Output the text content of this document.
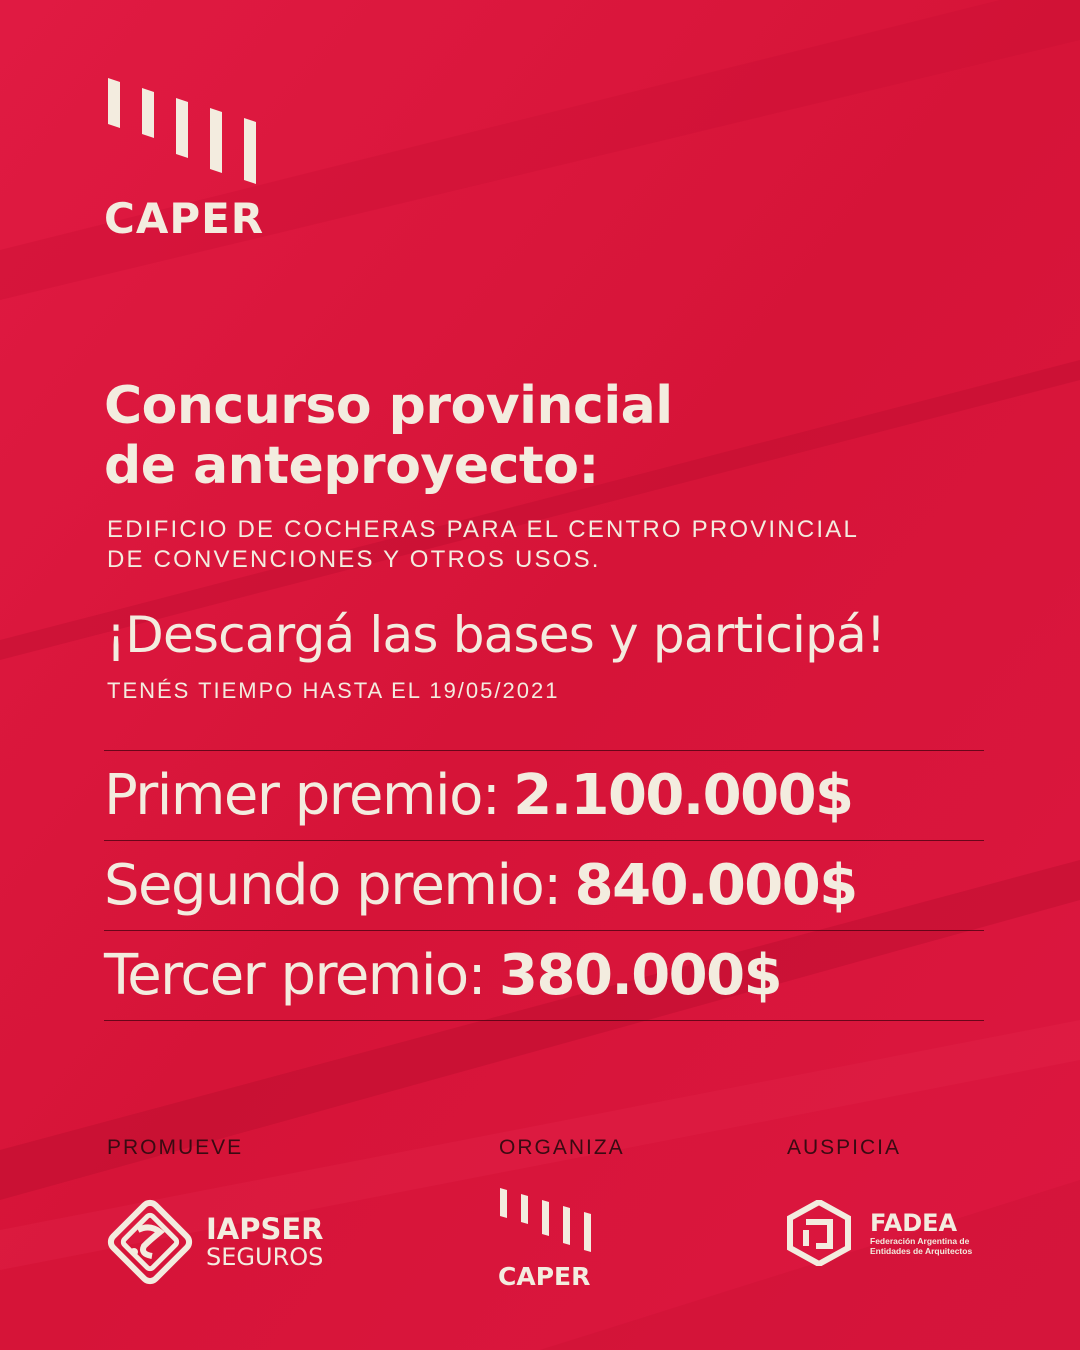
CAPER
Concurso provincial
de anteproyecto:
EDIFICIO DE COCHERAS PARA EL CENTRO PROVINCIAL
DE CONVENCIONES Y OTROS USOS.
¡Descargá las bases y participá!
TENÉS TIEMPO HASTA EL 19/05/2021
Primer premio: 2.100.000$
Segundo premio: 840.000$
Tercer premio: 380.000$
PROMUEVE	ORGANIZA	AUSPICIA
IAPSER
SEGUROS
CAPER
FADEA
Federación Argentina de
Entidades de Arquitectos
